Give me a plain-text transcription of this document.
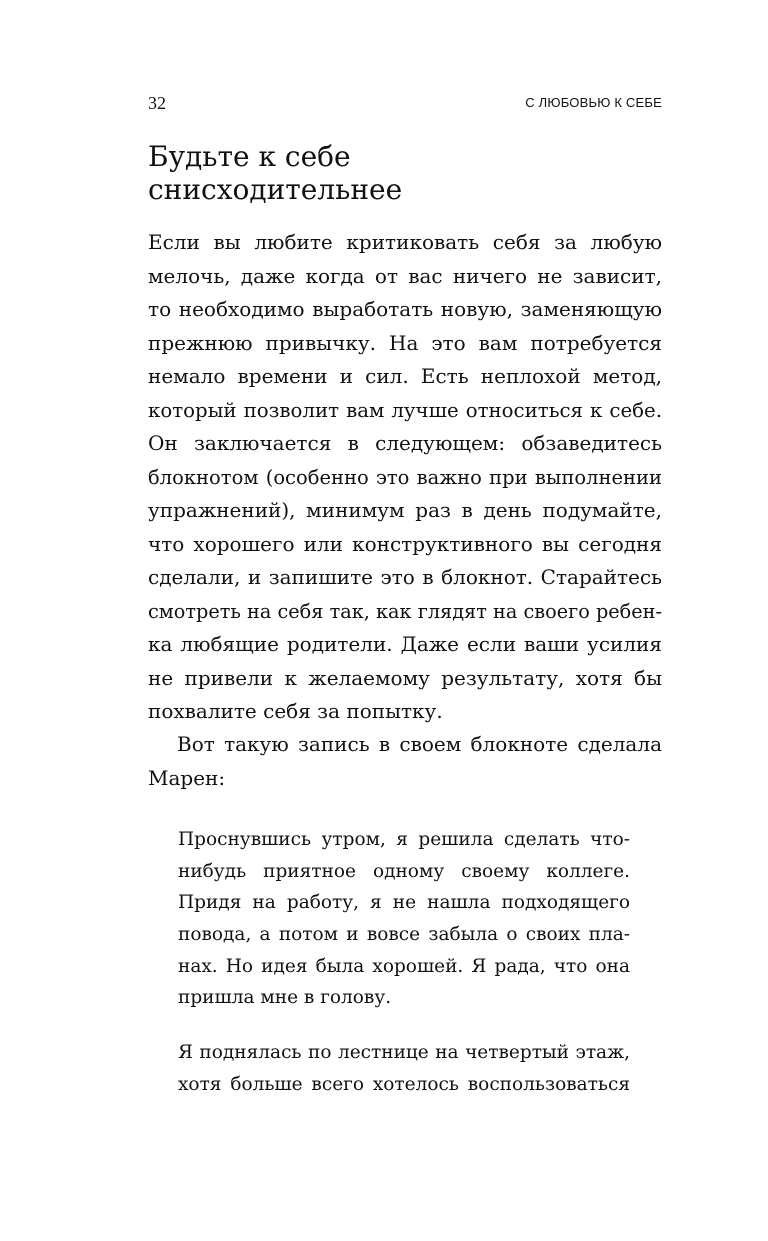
32	С ЛЮБОВЬЮ К СЕБЕ
Будьте к себе
снисходительнее
Если вы любите критиковать себя за любую
мелочь, даже когда от вас ничего не зависит,
то необходимо выработать новую, заменяющую
прежнюю привычку. На это вам потребуется
немало времени и сил. Есть неплохой метод,
который позволит вам лучше относиться к себе.
Он заключается в следующем: обзаведитесь
блокнотом (особенно это важно при выполнении
упражнений), минимум раз в день подумайте,
что хорошего или конструктивного вы сегодня
сделали, и запишите это в блокнот. Старайтесь
смотреть на себя так, как глядят на своего ребен-
ка любящие родители. Даже если ваши усилия
не привели к желаемому результату, хотя бы
похвалите себя за попытку.
Вот такую запись в своем блокноте сделала
Марен:
Проснувшись утром, я решила сделать что-
нибудь приятное одному своему коллеге.
Придя на работу, я не нашла подходящего
повода, а потом и вовсе забыла о своих пла-
нах. Но идея была хорошей. Я рада, что она
пришла мне в голову.
Я поднялась по лестнице на четвертый этаж,
хотя больше всего хотелось воспользоваться
